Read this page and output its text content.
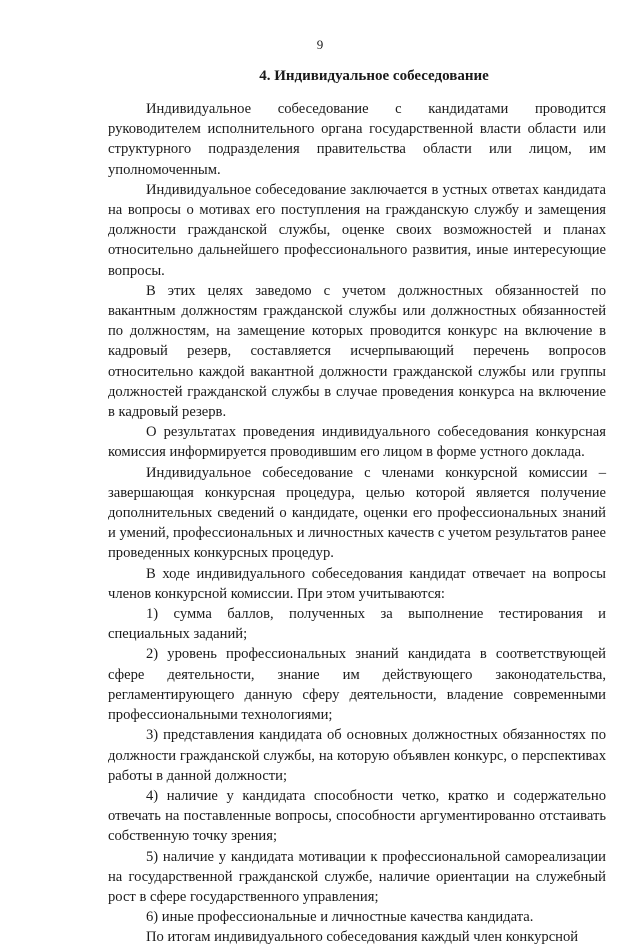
9
4. Индивидуальное собеседование

Индивидуальное собеседование с кандидатами проводится руководителем исполнительного органа государственной власти области или структурного подразделения правительства области или лицом, им уполномоченным.

Индивидуальное собеседование заключается в устных ответах кандидата на вопросы о мотивах его поступления на гражданскую службу и замещения должности гражданской службы, оценке своих возможностей и планах относительно дальнейшего профессионального развития, иные интересующие вопросы.

В этих целях заведомо с учетом должностных обязанностей по вакантным должностям гражданской службы или должностных обязанностей по должностям, на замещение которых проводится конкурс на включение в кадровый резерв, составляется исчерпывающий перечень вопросов относительно каждой вакантной должности гражданской службы или группы должностей гражданской службы в случае проведения конкурса на включение в кадровый резерв.

О результатах проведения индивидуального собеседования конкурсная комиссия информируется проводившим его лицом в форме устного доклада.

Индивидуальное собеседование с членами конкурсной комиссии – завершающая конкурсная процедура, целью которой является получение дополнительных сведений о кандидате, оценки его профессиональных знаний и умений, профессиональных и личностных качеств с учетом результатов ранее проведенных конкурсных процедур.

В ходе индивидуального собеседования кандидат отвечает на вопросы членов конкурсной комиссии. При этом учитываются:

1) сумма баллов, полученных за выполнение тестирования и специальных заданий;

2) уровень профессиональных знаний кандидата в соответствующей сфере деятельности, знание им действующего законодательства, регламентирующего данную сферу деятельности, владение современными профессиональными технологиями;

3) представления кандидата об основных должностных обязанностях по должности гражданской службы, на которую объявлен конкурс, о перспективах работы в данной должности;

4) наличие у кандидата способности четко, кратко и содержательно отвечать на поставленные вопросы, способности аргументированно отстаивать собственную точку зрения;

5) наличие у кандидата мотивации к профессиональной самореализации на государственной гражданской службе, наличие ориентации на служебный рост в сфере государственного управления;

6) иные профессиональные и личностные качества кандидата.

По итогам индивидуального собеседования каждый член конкурсной
